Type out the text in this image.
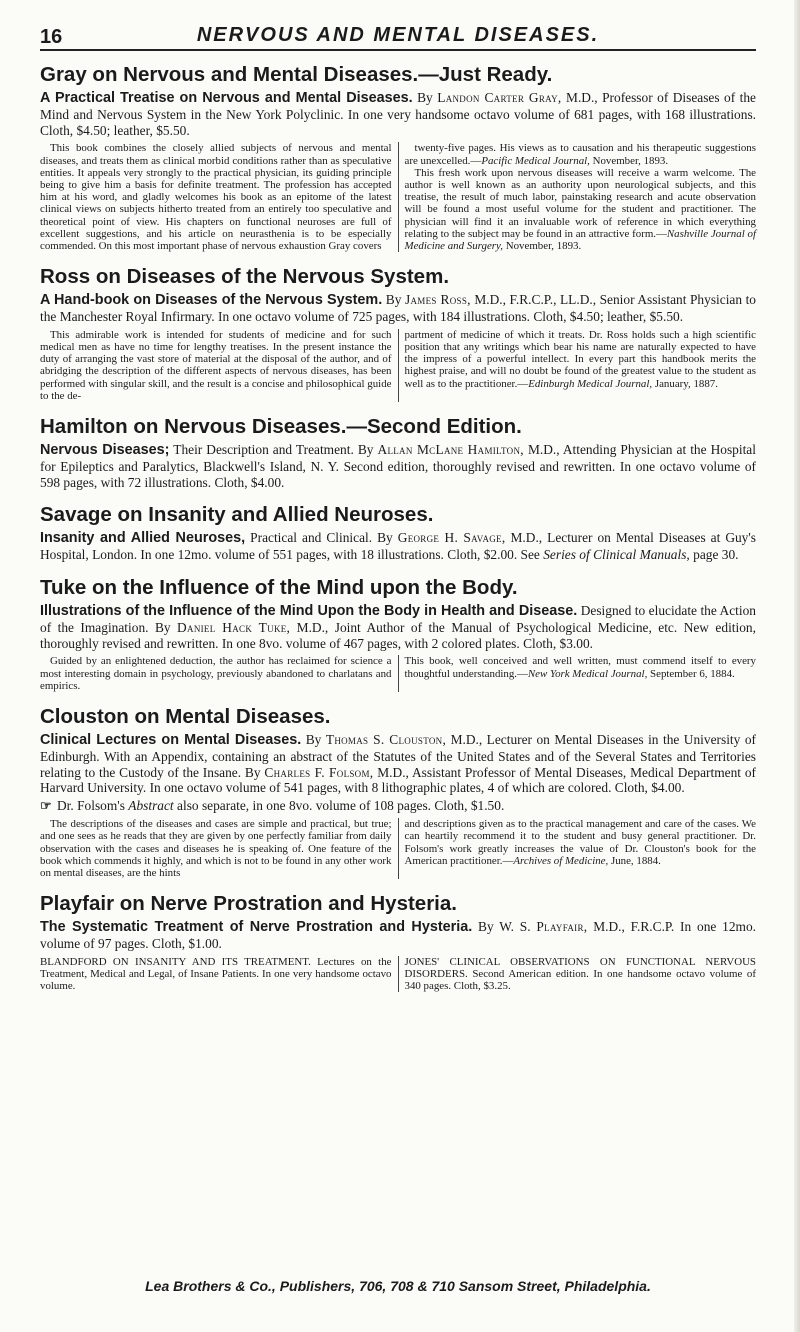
16	NERVOUS AND MENTAL DISEASES.
Gray on Nervous and Mental Diseases.—Just Ready.

A Practical Treatise on Nervous and Mental Diseases. By Landon Carter Gray, M.D., Professor of Diseases of the Mind and Nervous System in the New York Polyclinic. In one very handsome octavo volume of 681 pages, with 168 illustrations. Cloth, $4.50; leather, $5.50.

This book combines the closely allied subjects of nervous and mental diseases, and treats them as clinical morbid conditions rather than as speculative entities. It appeals very strongly to the practical physician, its guiding principle being to give him a basis for definite treatment. The profession has accepted him at his word, and gladly welcomes his book as an epitome of the latest clinical views on subjects hitherto treated from an entirely too speculative and theoretical point of view. His chapters on functional neuroses are full of excellent suggestions, and his article on neurasthenia is to be especially commended. On this most important phase of nervous exhaustion Gray covers

twenty-five pages. His views as to causation and his therapeutic suggestions are unexcelled.—Pacific Medical Journal, November, 1893.

This fresh work upon nervous diseases will receive a warm welcome. The author is well known as an authority upon neurological subjects, and this treatise, the result of much labor, painstaking research and acute observation will be found a most useful volume for the student and practitioner. The physician will find it an invaluable work of reference in which everything relating to the subject may be found in an attractive form.—Nashville Journal of Medicine and Surgery, November, 1893.

Ross on Diseases of the Nervous System.

A Hand-book on Diseases of the Nervous System. By James Ross, M.D., F.R.C.P., LL.D., Senior Assistant Physician to the Manchester Royal Infirmary. In one octavo volume of 725 pages, with 184 illustrations. Cloth, $4.50; leather, $5.50.

This admirable work is intended for students of medicine and for such medical men as have no time for lengthy treatises. In the present instance the duty of arranging the vast store of material at the disposal of the author, and of abridging the description of the different aspects of nervous diseases, has been performed with singular skill, and the result is a concise and philosophical guide to the de-

partment of medicine of which it treats. Dr. Ross holds such a high scientific position that any writings which bear his name are naturally expected to have the impress of a powerful intellect. In every part this handbook merits the highest praise, and will no doubt be found of the greatest value to the student as well as to the practitioner.—Edinburgh Medical Journal, January, 1887.

Hamilton on Nervous Diseases.—Second Edition.

Nervous Diseases; Their Description and Treatment. By Allan McLane Hamilton, M.D., Attending Physician at the Hospital for Epileptics and Paralytics, Blackwell's Island, N. Y. Second edition, thoroughly revised and rewritten. In one octavo volume of 598 pages, with 72 illustrations. Cloth, $4.00.

Savage on Insanity and Allied Neuroses.

Insanity and Allied Neuroses, Practical and Clinical. By George H. Savage, M.D., Lecturer on Mental Diseases at Guy's Hospital, London. In one 12mo. volume of 551 pages, with 18 illustrations. Cloth, $2.00. See Series of Clinical Manuals, page 30.

Tuke on the Influence of the Mind upon the Body.

Illustrations of the Influence of the Mind Upon the Body in Health and Disease. Designed to elucidate the Action of the Imagination. By Daniel Hack Tuke, M.D., Joint Author of the Manual of Psychological Medicine, etc. New edition, thoroughly revised and rewritten. In one 8vo. volume of 467 pages, with 2 colored plates. Cloth, $3.00.

Guided by an enlightened deduction, the author has reclaimed for science a most interesting domain in psychology, previously abandoned to charlatans and empirics.

This book, well conceived and well written, must commend itself to every thoughtful understanding.—New York Medical Journal, September 6, 1884.

Clouston on Mental Diseases.

Clinical Lectures on Mental Diseases. By Thomas S. Clouston, M.D., Lecturer on Mental Diseases in the University of Edinburgh. With an Appendix, containing an abstract of the Statutes of the United States and of the Several States and Territories relating to the Custody of the Insane. By Charles F. Folsom, M.D., Assistant Professor of Mental Diseases, Medical Department of Harvard University. In one octavo volume of 541 pages, with 8 lithographic plates, 4 of which are colored. Cloth, $4.00.

☞ Dr. Folsom's Abstract also separate, in one 8vo. volume of 108 pages. Cloth, $1.50.

The descriptions of the diseases and cases are simple and practical, but true; and one sees as he reads that they are given by one perfectly familiar from daily observation with the cases and diseases he is speaking of. One feature of the book which commends it highly, and which is not to be found in any other work on mental diseases, are the hints

and descriptions given as to the practical management and care of the cases. We can heartily recommend it to the student and busy general practitioner. Dr. Folsom's work greatly increases the value of Dr. Clouston's book for the American practitioner.—Archives of Medicine, June, 1884.

Playfair on Nerve Prostration and Hysteria.

The Systematic Treatment of Nerve Prostration and Hysteria. By W. S. Playfair, M.D., F.R.C.P. In one 12mo. volume of 97 pages. Cloth, $1.00.

BLANDFORD ON INSANITY AND ITS TREATMENT. Lectures on the Treatment, Medical and Legal, of Insane Patients. In one very handsome octavo volume.

JONES' CLINICAL OBSERVATIONS ON FUNCTIONAL NERVOUS DISORDERS. Second American edition. In one handsome octavo volume of 340 pages. Cloth, $3.25.

Lea Brothers & Co., Publishers, 706, 708 & 710 Sansom Street, Philadelphia.
